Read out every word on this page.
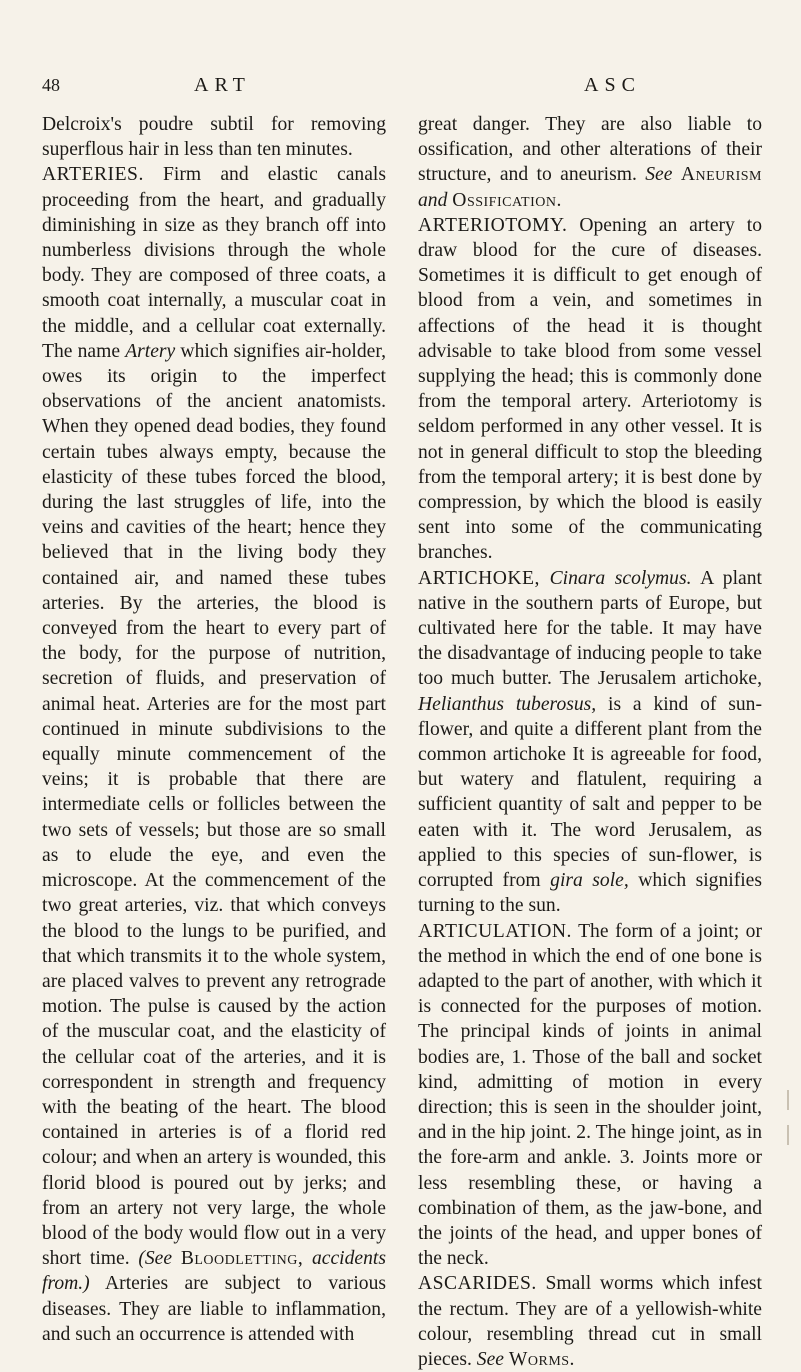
48	ART	ASC

Delcroix's poudre subtil for removing superflous hair in less than ten minutes.

ARTERIES. Firm and elastic canals proceeding from the heart, and gradually diminishing in size as they branch off into numberless divisions through the whole body. They are composed of three coats, a smooth coat internally, a muscular coat in the middle, and a cellular coat externally. The name Artery which signifies air-holder, owes its origin to the imperfect observations of the ancient anatomists. When they opened dead bodies, they found certain tubes always empty, because the elasticity of these tubes forced the blood, during the last struggles of life, into the veins and cavities of the heart; hence they believed that in the living body they contained air, and named these tubes arteries. By the arteries, the blood is conveyed from the heart to every part of the body, for the purpose of nutrition, secretion of fluids, and preservation of animal heat. Arteries are for the most part continued in minute subdivisions to the equally minute commencement of the veins; it is probable that there are intermediate cells or follicles between the two sets of vessels; but those are so small as to elude the eye, and even the microscope. At the commencement of the two great arteries, viz. that which conveys the blood to the lungs to be purified, and that which transmits it to the whole system, are placed valves to prevent any retrograde motion. The pulse is caused by the action of the muscular coat, and the elasticity of the cellular coat of the arteries, and it is correspondent in strength and frequency with the beating of the heart. The blood contained in arteries is of a florid red colour; and when an artery is wounded, this florid blood is poured out by jerks; and from an artery not very large, the whole blood of the body would flow out in a very short time. (See Bloodletting, accidents from.) Arteries are subject to various diseases. They are liable to inflammation, and such an occurrence is attended with

great danger. They are also liable to ossification, and other alterations of their structure, and to aneurism. See Aneurism and Ossification.

ARTERIOTOMY. Opening an artery to draw blood for the cure of diseases. Sometimes it is difficult to get enough of blood from a vein, and sometimes in affections of the head it is thought advisable to take blood from some vessel supplying the head; this is commonly done from the temporal artery. Arteriotomy is seldom performed in any other vessel. It is not in general difficult to stop the bleeding from the temporal artery; it is best done by compression, by which the blood is easily sent into some of the communicating branches.

ARTICHOKE, Cinara scolymus. A plant native in the southern parts of Europe, but cultivated here for the table. It may have the disadvantage of inducing people to take too much butter. The Jerusalem artichoke, Helianthus tuberosus, is a kind of sun-flower, and quite a different plant from the common artichoke It is agreeable for food, but watery and flatulent, requiring a sufficient quantity of salt and pepper to be eaten with it. The word Jerusalem, as applied to this species of sun-flower, is corrupted from gira sole, which signifies turning to the sun.

ARTICULATION. The form of a joint; or the method in which the end of one bone is adapted to the part of another, with which it is connected for the purposes of motion. The principal kinds of joints in animal bodies are, 1. Those of the ball and socket kind, admitting of motion in every direction; this is seen in the shoulder joint, and in the hip joint. 2. The hinge joint, as in the fore-arm and ankle. 3. Joints more or less resembling these, or having a combination of them, as the jaw-bone, and the joints of the head, and upper bones of the neck.

ASCARIDES. Small worms which infest the rectum. They are of a yellowish-white colour, resembling thread cut in small pieces. See Worms.
